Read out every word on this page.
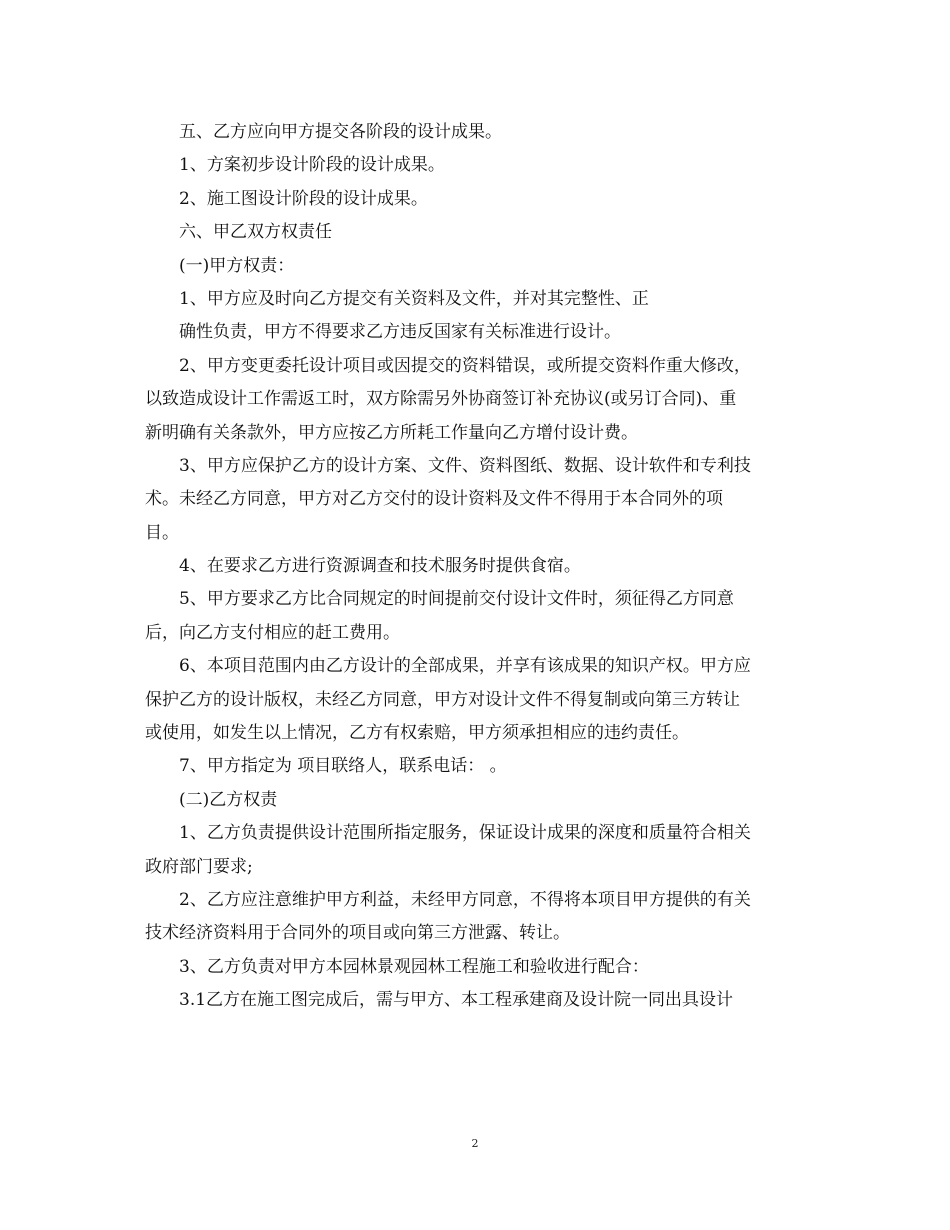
五、乙方应向甲方提交各阶段的设计成果。
1、方案初步设计阶段的设计成果。
2、施工图设计阶段的设计成果。
六、甲乙双方权责任
(一)甲方权责：
1、甲方应及时向乙方提交有关资料及文件，并对其完整性、正
确性负责，甲方不得要求乙方违反国家有关标准进行设计。
2、甲方变更委托设计项目或因提交的资料错误，或所提交资料作重大修改，
以致造成设计工作需返工时，双方除需另外协商签订补充协议(或另订合同)、重
新明确有关条款外，甲方应按乙方所耗工作量向乙方增付设计费。
3、甲方应保护乙方的设计方案、文件、资料图纸、数据、设计软件和专利技
术。未经乙方同意，甲方对乙方交付的设计资料及文件不得用于本合同外的项
目。
4、在要求乙方进行资源调查和技术服务时提供食宿。
5、甲方要求乙方比合同规定的时间提前交付设计文件时，须征得乙方同意
后，向乙方支付相应的赶工费用。
6、本项目范围内由乙方设计的全部成果，并享有该成果的知识产权。甲方应
保护乙方的设计版权，未经乙方同意，甲方对设计文件不得复制或向第三方转让
或使用，如发生以上情况，乙方有权索赔，甲方须承担相应的违约责任。
7、甲方指定为 项目联络人，联系电话： 。
(二)乙方权责
1、乙方负责提供设计范围所指定服务，保证设计成果的深度和质量符合相关
政府部门要求;
2、乙方应注意维护甲方利益，未经甲方同意，不得将本项目甲方提供的有关
技术经济资料用于合同外的项目或向第三方泄露、转让。
3、乙方负责对甲方本园林景观园林工程施工和验收进行配合：
3.1乙方在施工图完成后，需与甲方、本工程承建商及设计院一同出具设计
2
